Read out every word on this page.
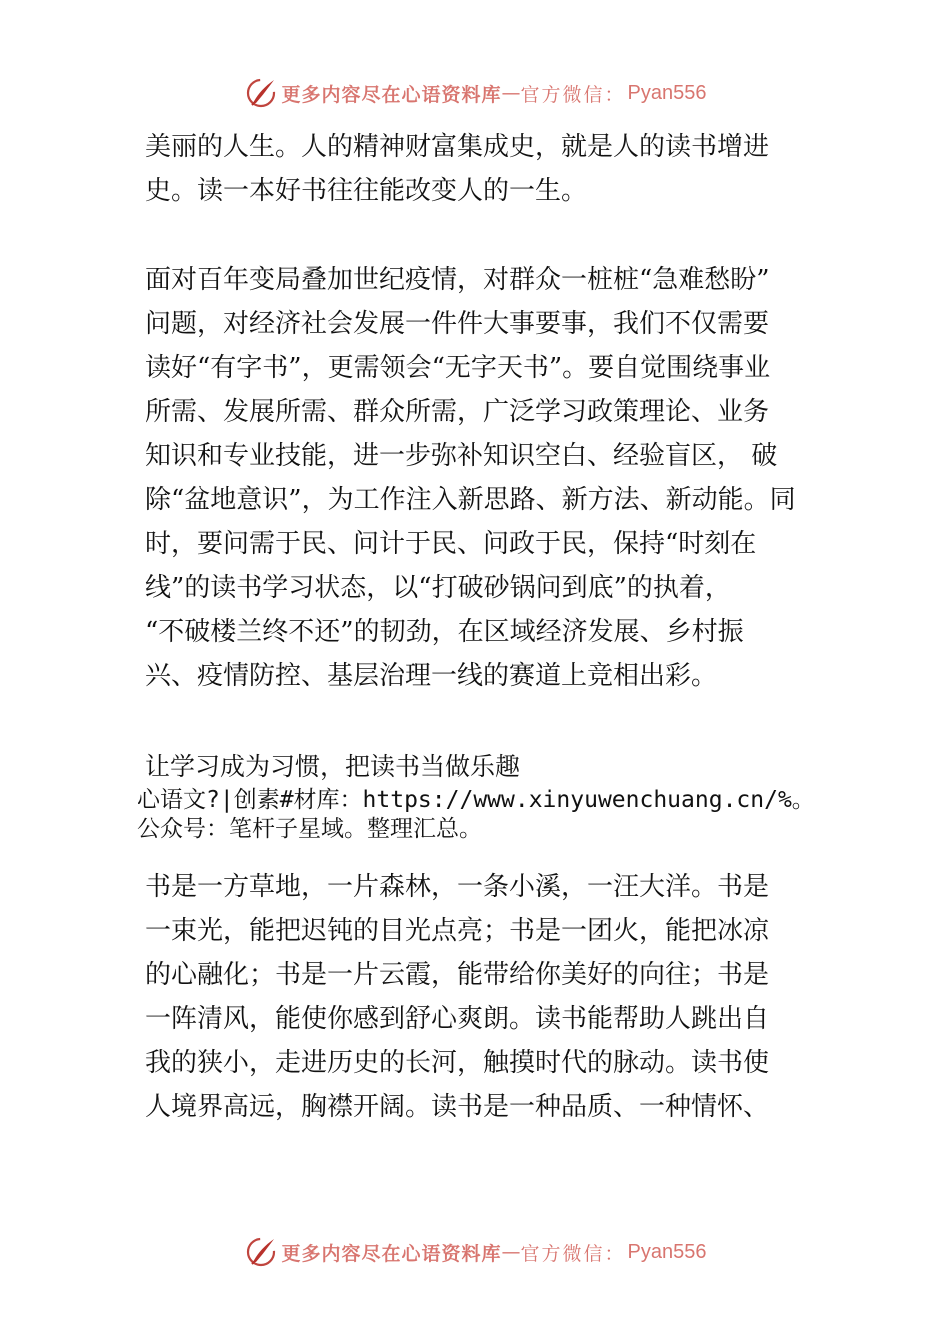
更多内容尽在心语资料库 — 官方微信： Pyan556

美丽的人生。人的精神财富集成史，就是人的读书增进

史。读一本好书往往能改变人的一生。

面对百年变局叠加世纪疫情，对群众一桩桩“急难愁盼”

问题，对经济社会发展一件件大事要事，我们不仅需要

读好“有字书”，更需领会“无字天书”。要自觉围绕事业

所需、发展所需、群众所需，广泛学习政策理论、业务

知识和专业技能，进一步弥补知识空白、经验盲区， 破

除“盆地意识”，为工作注入新思路、新方法、新动能。同

时，要问需于民、问计于民、问政于民，保持“时刻在

线”的读书学习状态，以“打破砂锅问到底”的执着，

“不破楼兰终不还”的韧劲，在区域经济发展、乡村振

兴、疫情防控、基层治理一线的赛道上竞相出彩。

让学习成为习惯，把读书当做乐趣

心语文?|创素#材库：https://www.xinyuwenchuang.cn/%。

公众号：笔杆子星域。整理汇总。

书是一方草地，一片森林，一条小溪，一汪大洋。书是

一束光，能把迟钝的目光点亮；书是一团火，能把冰凉

的心融化；书是一片云霞，能带给你美好的向往；书是

一阵清风，能使你感到舒心爽朗。读书能帮助人跳出自

我的狭小，走进历史的长河，触摸时代的脉动。读书使

人境界高远，胸襟开阔。读书是一种品质、一种情怀、

更多内容尽在心语资料库 — 官方微信： Pyan556
